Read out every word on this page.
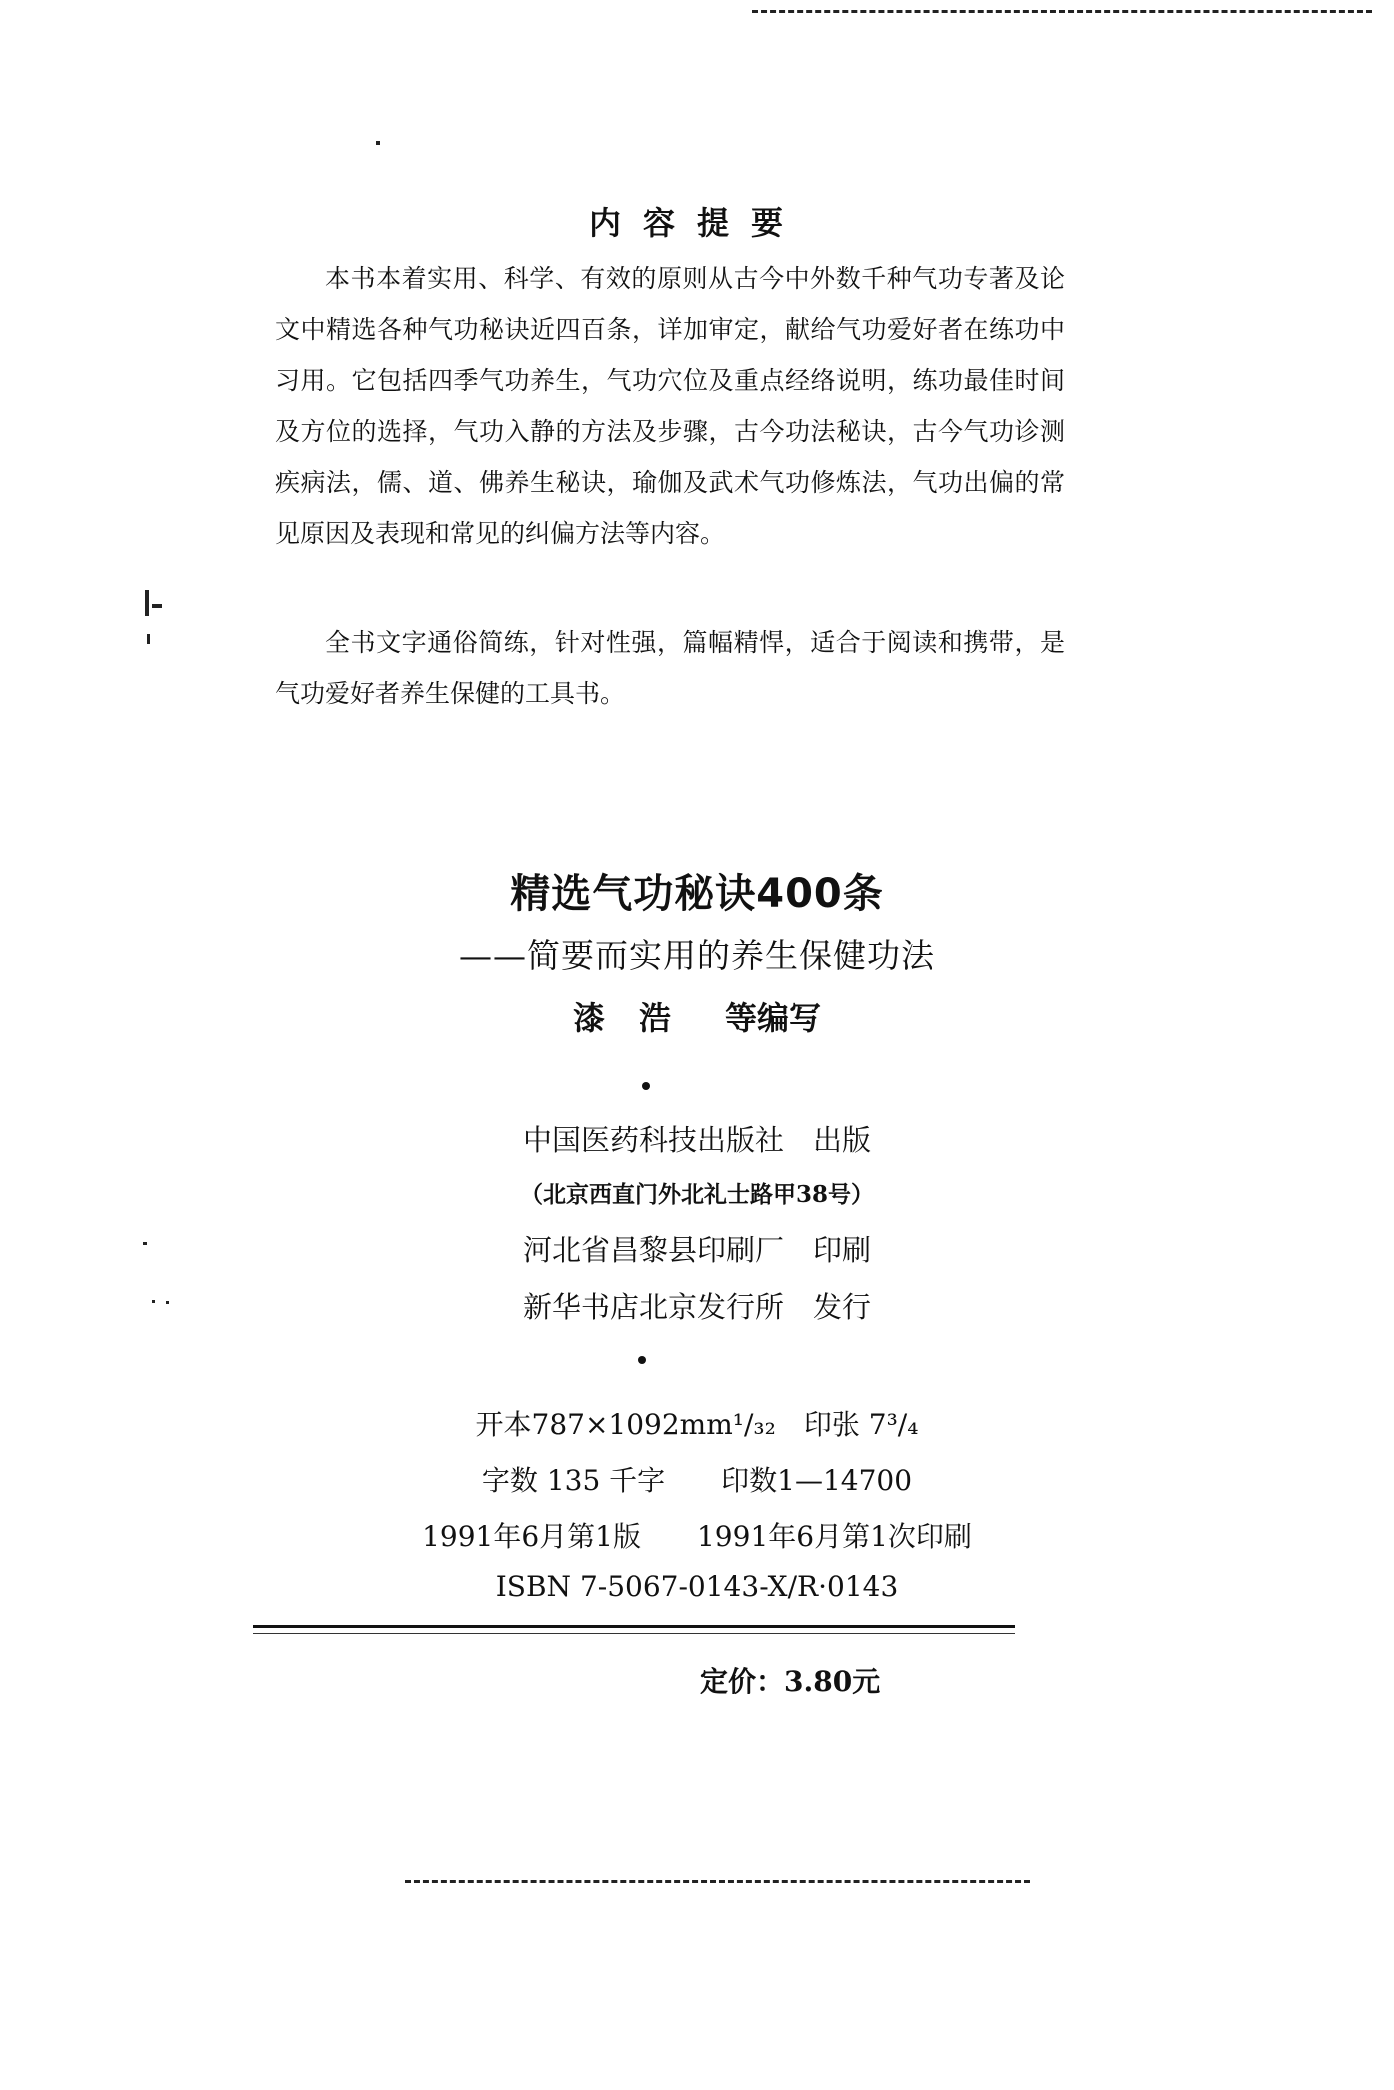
内容提要
本书本着实用、科学、有效的原则从古今中外数千种气功专著及论文中精选各种气功秘诀近四百条，详加审定，献给气功爱好者在练功中习用。它包括四季气功养生，气功穴位及重点经络说明，练功最佳时间及方位的选择，气功入静的方法及步骤，古今功法秘诀，古今气功诊测疾病法，儒、道、佛养生秘诀，瑜伽及武术气功修炼法，气功出偏的常见原因及表现和常见的纠偏方法等内容。
全书文字通俗简练，针对性强，篇幅精悍，适合于阅读和携带，是气功爱好者养生保健的工具书。
精选气功秘诀400条
——简要而实用的养生保健功法
漆浩 等编写
中国医药科技出版社　出版
（北京西直门外北礼士路甲38号）
河北省昌黎县印刷厂　印刷
新华书店北京发行所　发行
开本787×1092mm¹/₃₂　印张 7³/₄
字数 135 千字　　印数1—14700
1991年6月第1版　　1991年6月第1次印刷
ISBN 7-5067-0143-X/R·0143
定价：3.80元
